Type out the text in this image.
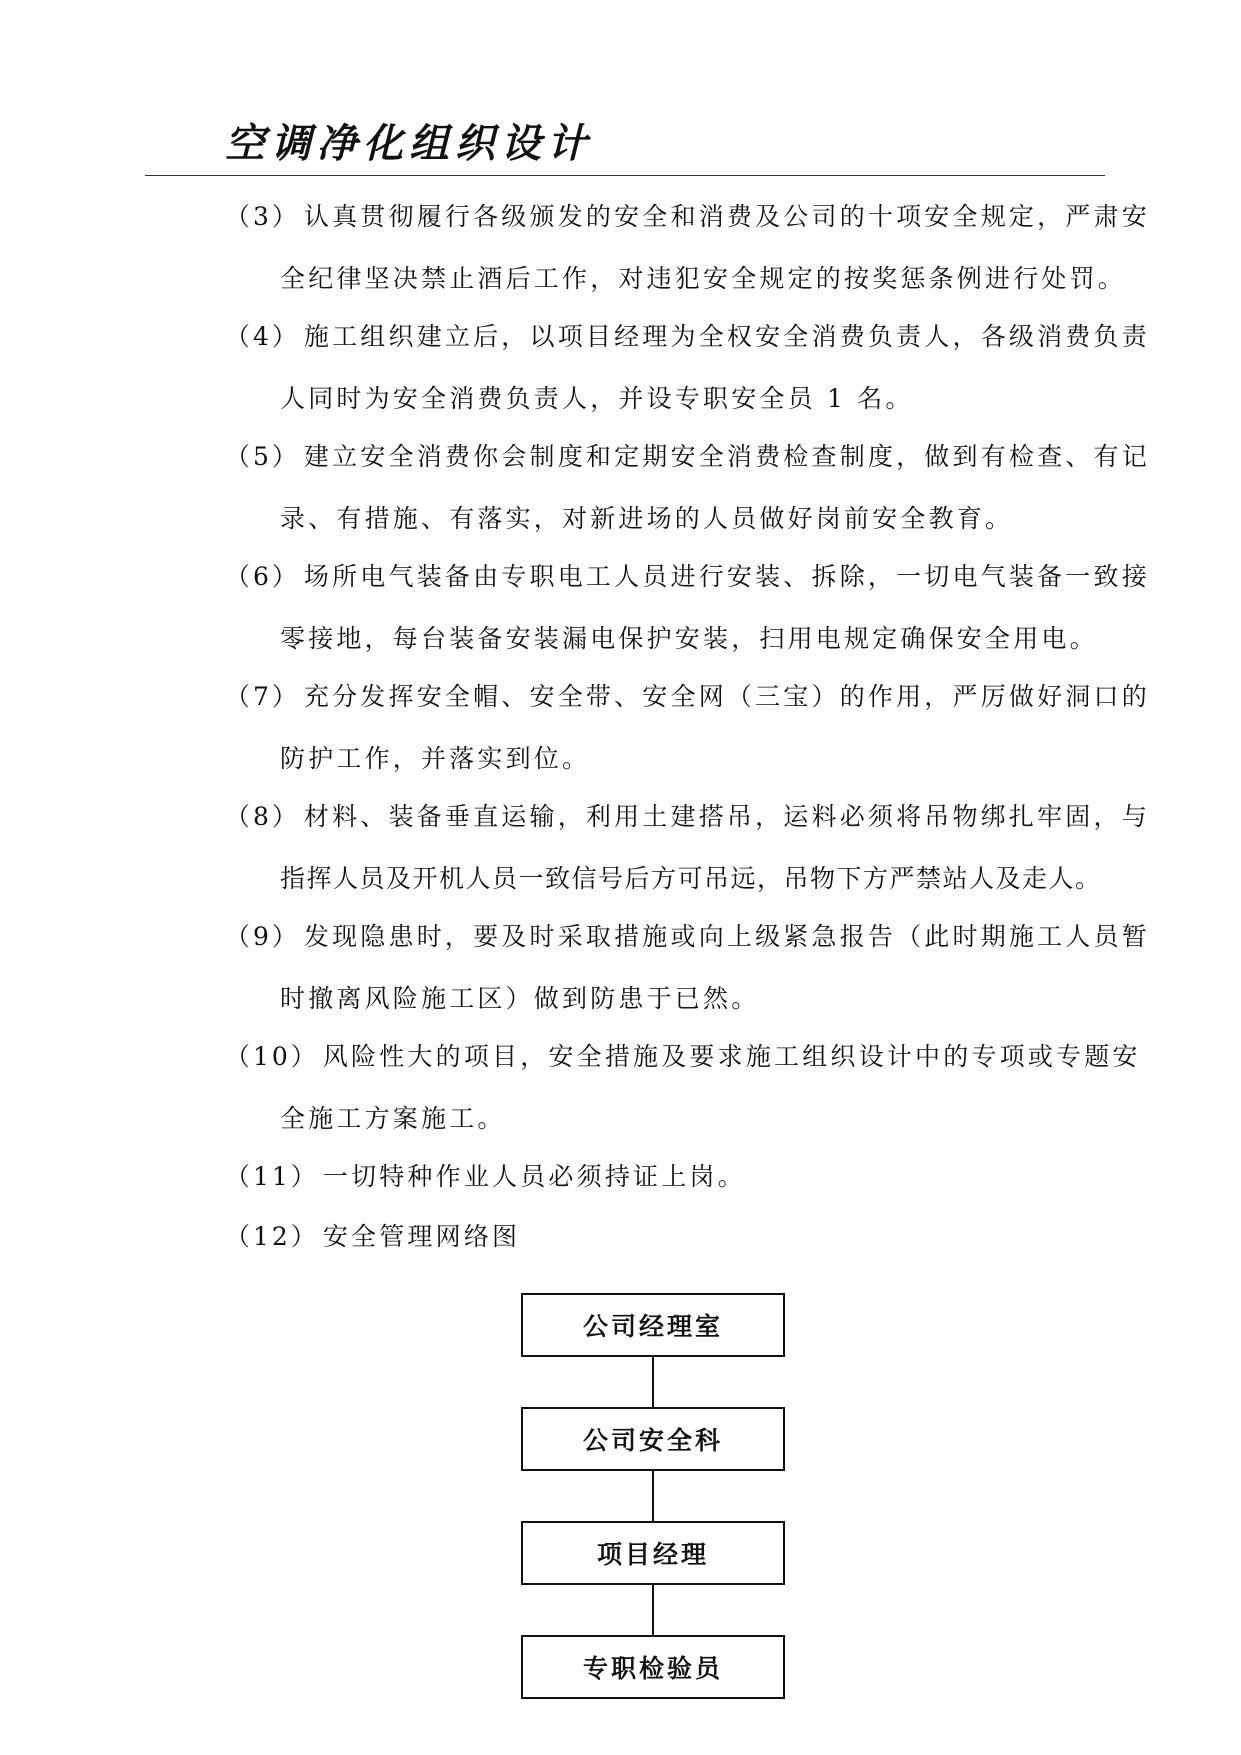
空调净化组织设计
（3） 认真贯彻履行各级颁发的安全和消费及公司的十项安全规定，严肃安
全纪律坚决禁止酒后工作，对违犯安全规定的按奖惩条例进行处罚。
（4） 施工组织建立后，以项目经理为全权安全消费负责人，各级消费负责
人同时为安全消费负责人，并设专职安全员 1 名。
（5） 建立安全消费你会制度和定期安全消费检查制度，做到有检查、有记
录、有措施、有落实，对新进场的人员做好岗前安全教育。
（6） 场所电气装备由专职电工人员进行安装、拆除，一切电气装备一致接
零接地，每台装备安装漏电保护安装，扫用电规定确保安全用电。
（7） 充分发挥安全帽、安全带、安全网（三宝）的作用，严厉做好洞口的
防护工作，并落实到位。
（8） 材料、装备垂直运输，利用土建搭吊，运料必须将吊物绑扎牢固，与
指挥人员及开机人员一致信号后方可吊远，吊物下方严禁站人及走人。
（9） 发现隐患时，要及时采取措施或向上级紧急报告（此时期施工人员暂
时撤离风险施工区）做到防患于已然。
（10） 风险性大的项目，安全措施及要求施工组织设计中的专项或专题安
全施工方案施工。
（11） 一切特种作业人员必须持证上岗。
（12） 安全管理网络图
公司经理室
公司安全科
项目经理
专职检验员
